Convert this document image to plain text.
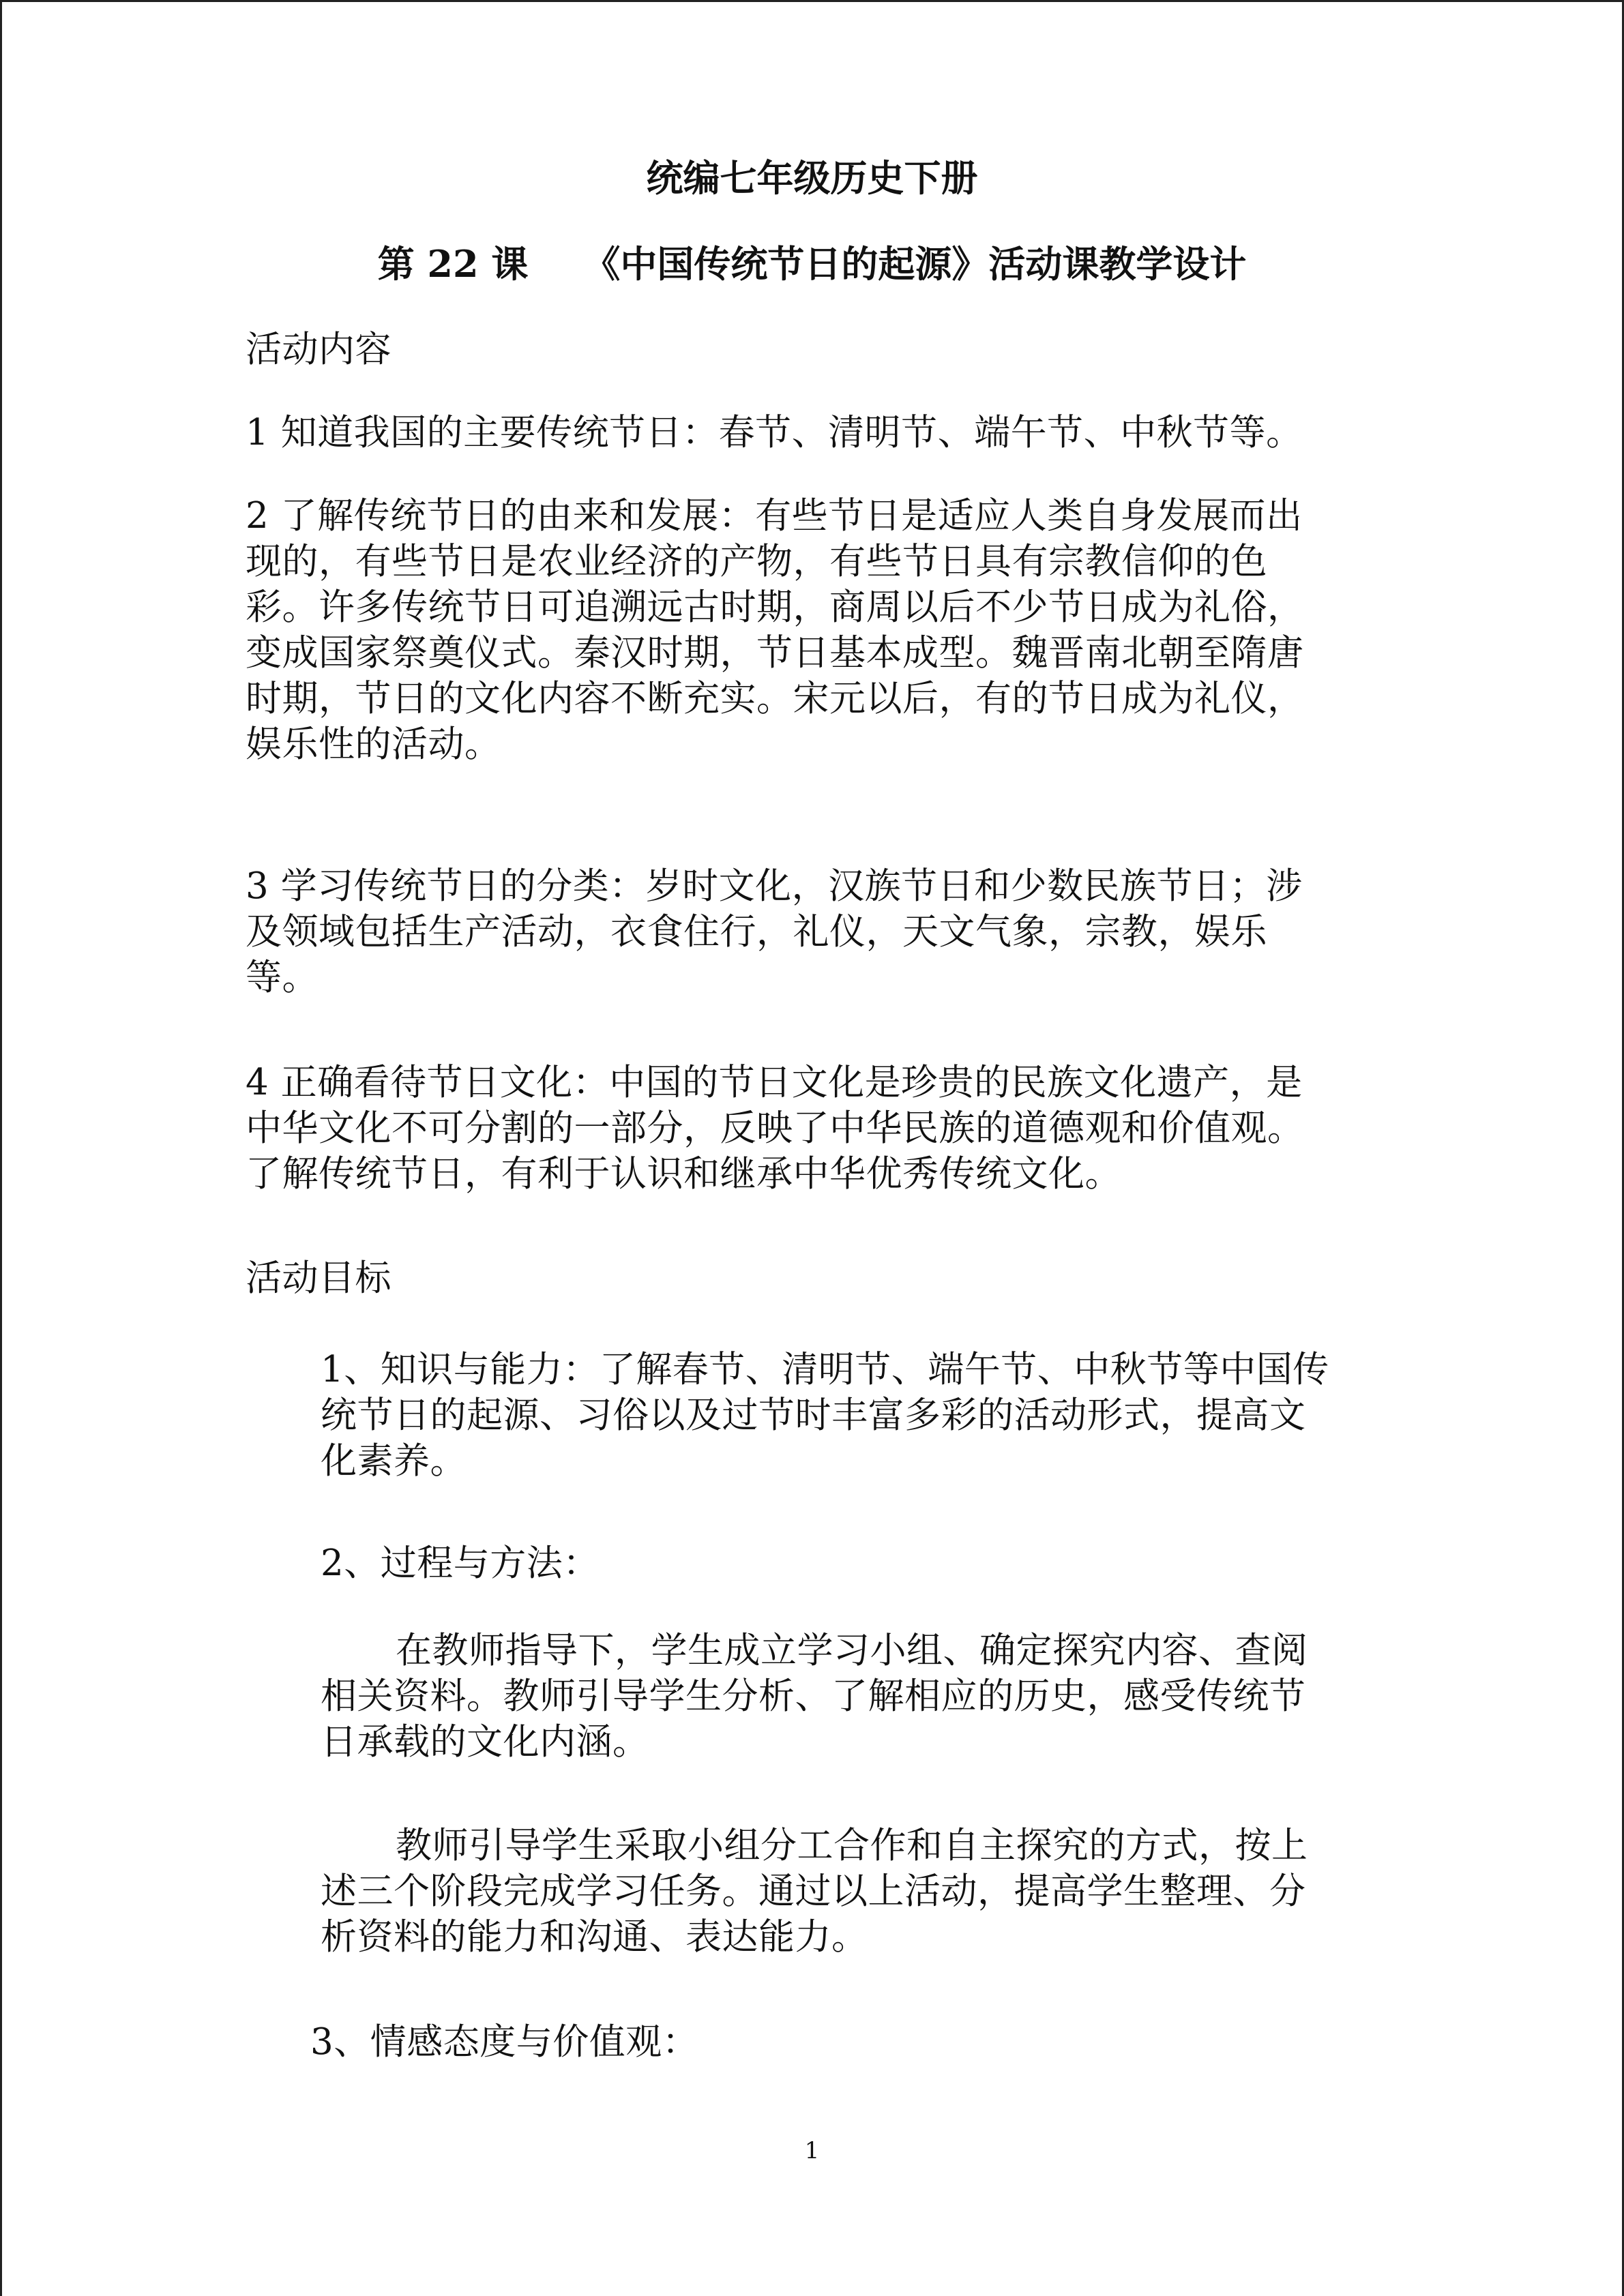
统编七年级历史下册
第 22 课　　《中国传统节日的起源》活动课教学设计
活动内容
1 知道我国的主要传统节日：春节、清明节、端午节、中秋节等。
2 了解传统节日的由来和发展：有些节日是适应人类自身发展而出
现的，有些节日是农业经济的产物，有些节日具有宗教信仰的色
彩。许多传统节日可追溯远古时期，商周以后不少节日成为礼俗，
变成国家祭奠仪式。秦汉时期，节日基本成型。魏晋南北朝至隋唐
时期，节日的文化内容不断充实。宋元以后，有的节日成为礼仪，
娱乐性的活动。
3 学习传统节日的分类：岁时文化，汉族节日和少数民族节日；涉
及领域包括生产活动，衣食住行，礼仪，天文气象，宗教，娱乐
等。
4 正确看待节日文化：中国的节日文化是珍贵的民族文化遗产，是
中华文化不可分割的一部分，反映了中华民族的道德观和价值观。
了解传统节日，有利于认识和继承中华优秀传统文化。
活动目标
1、知识与能力：了解春节、清明节、端午节、中秋节等中国传
统节日的起源、习俗以及过节时丰富多彩的活动形式，提高文
化素养。
2、过程与方法：
在教师指导下，学生成立学习小组、确定探究内容、查阅
相关资料。教师引导学生分析、了解相应的历史，感受传统节
日承载的文化内涵。
教师引导学生采取小组分工合作和自主探究的方式，按上
述三个阶段完成学习任务。通过以上活动，提高学生整理、分
析资料的能力和沟通、表达能力。
3、情感态度与价值观：
1
